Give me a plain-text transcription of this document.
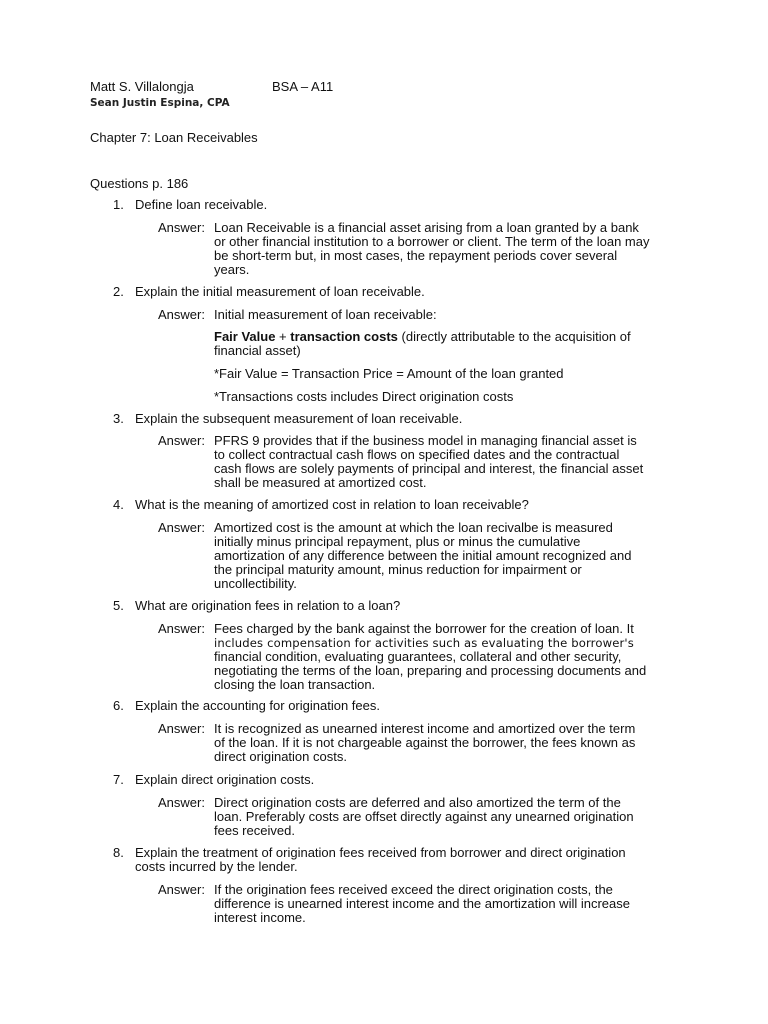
Matt S. Villalongja	BSA – A11
Sean Justin Espina, CPA
Chapter 7: Loan Receivables
Questions p. 186
1. Define loan receivable.
Answer: Loan Receivable is a financial asset arising from a loan granted by a bank
or other financial institution to a borrower or client. The term of the loan may
be short-term but, in most cases, the repayment periods cover several
years.
2. Explain the initial measurement of loan receivable.
Answer: Initial measurement of loan receivable:
Fair Value + transaction costs (directly attributable to the acquisition of
financial asset)
*Fair Value = Transaction Price = Amount of the loan granted
*Transactions costs includes Direct origination costs
3. Explain the subsequent measurement of loan receivable.
Answer: PFRS 9 provides that if the business model in managing financial asset is
to collect contractual cash flows on specified dates and the contractual
cash flows are solely payments of principal and interest, the financial asset
shall be measured at amortized cost.
4. What is the meaning of amortized cost in relation to loan receivable?
Answer: Amortized cost is the amount at which the loan recivalbe is measured
initially minus principal repayment, plus or minus the cumulative
amortization of any difference between the initial amount recognized and
the principal maturity amount, minus reduction for impairment or
uncollectibility.
5. What are origination fees in relation to a loan?
Answer: Fees charged by the bank against the borrower for the creation of loan. It
includes compensation for activities such as evaluating the borrower's
financial condition, evaluating guarantees, collateral and other security,
negotiating the terms of the loan, preparing and processing documents and
closing the loan transaction.
6. Explain the accounting for origination fees.
Answer: It is recognized as unearned interest income and amortized over the term
of the loan. If it is not chargeable against the borrower, the fees known as
direct origination costs.
7. Explain direct origination costs.
Answer: Direct origination costs are deferred and also amortized the term of the
loan. Preferably costs are offset directly against any unearned origination
fees received.
8. Explain the treatment of origination fees received from borrower and direct origination
costs incurred by the lender.
Answer: If the origination fees received exceed the direct origination costs, the
difference is unearned interest income and the amortization will increase
interest income.
